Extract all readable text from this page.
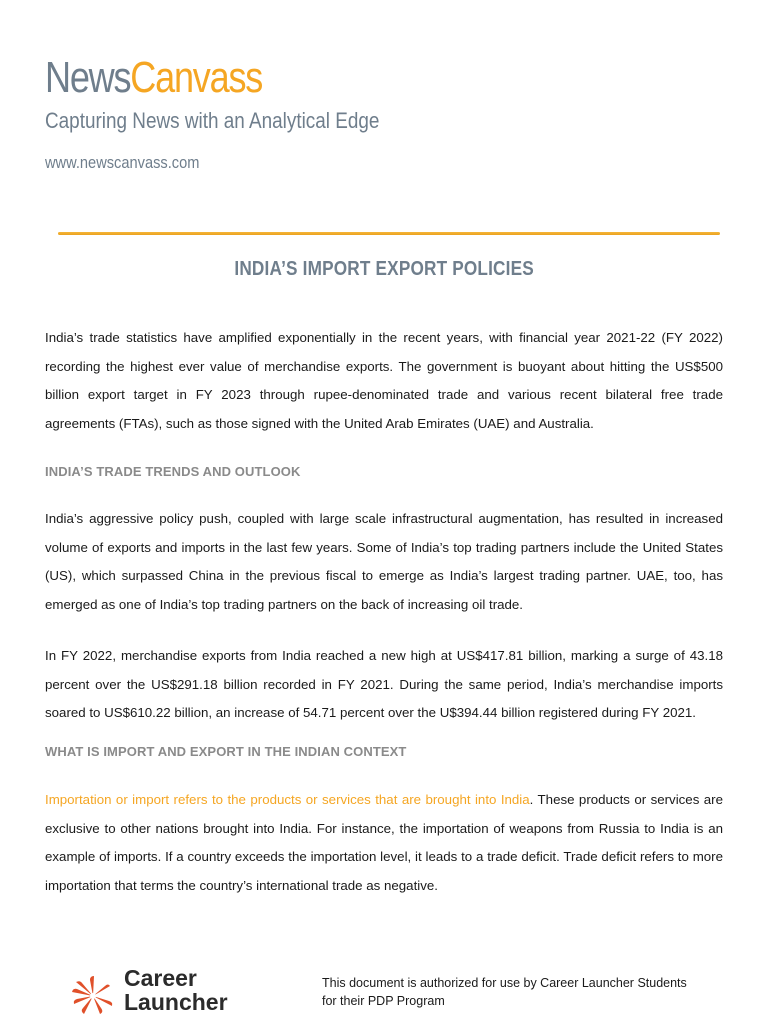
NewsCanvass
Capturing News with an Analytical Edge
www.newscanvass.com
INDIA’S IMPORT EXPORT POLICIES
India’s trade statistics have amplified exponentially in the recent years, with financial year 2021-22 (FY 2022) recording the highest ever value of merchandise exports. The government is buoyant about hitting the US$500 billion export target in FY 2023 through rupee-denominated trade and various recent bilateral free trade agreements (FTAs), such as those signed with the United Arab Emirates (UAE) and Australia.
INDIA’S TRADE TRENDS AND OUTLOOK
India’s aggressive policy push, coupled with large scale infrastructural augmentation, has resulted in increased volume of exports and imports in the last few years. Some of India’s top trading partners include the United States (US), which surpassed China in the previous fiscal to emerge as India’s largest trading partner. UAE, too, has emerged as one of India’s top trading partners on the back of increasing oil trade.
In FY 2022, merchandise exports from India reached a new high at US$417.81 billion, marking a surge of 43.18 percent over the US$291.18 billion recorded in FY 2021. During the same period, India’s merchandise imports soared to US$610.22 billion, an increase of 54.71 percent over the U$394.44 billion registered during FY 2021.
WHAT IS IMPORT AND EXPORT IN THE INDIAN CONTEXT
Importation or import refers to the products or services that are brought into India. These products or services are exclusive to other nations brought into India. For instance, the importation of weapons from Russia to India is an example of imports. If a country exceeds the importation level, it leads to a trade deficit. Trade deficit refers to more importation that terms the country’s international trade as negative.
Career
Launcher
This document is authorized for use by Career Launcher Students
for their PDP Program
